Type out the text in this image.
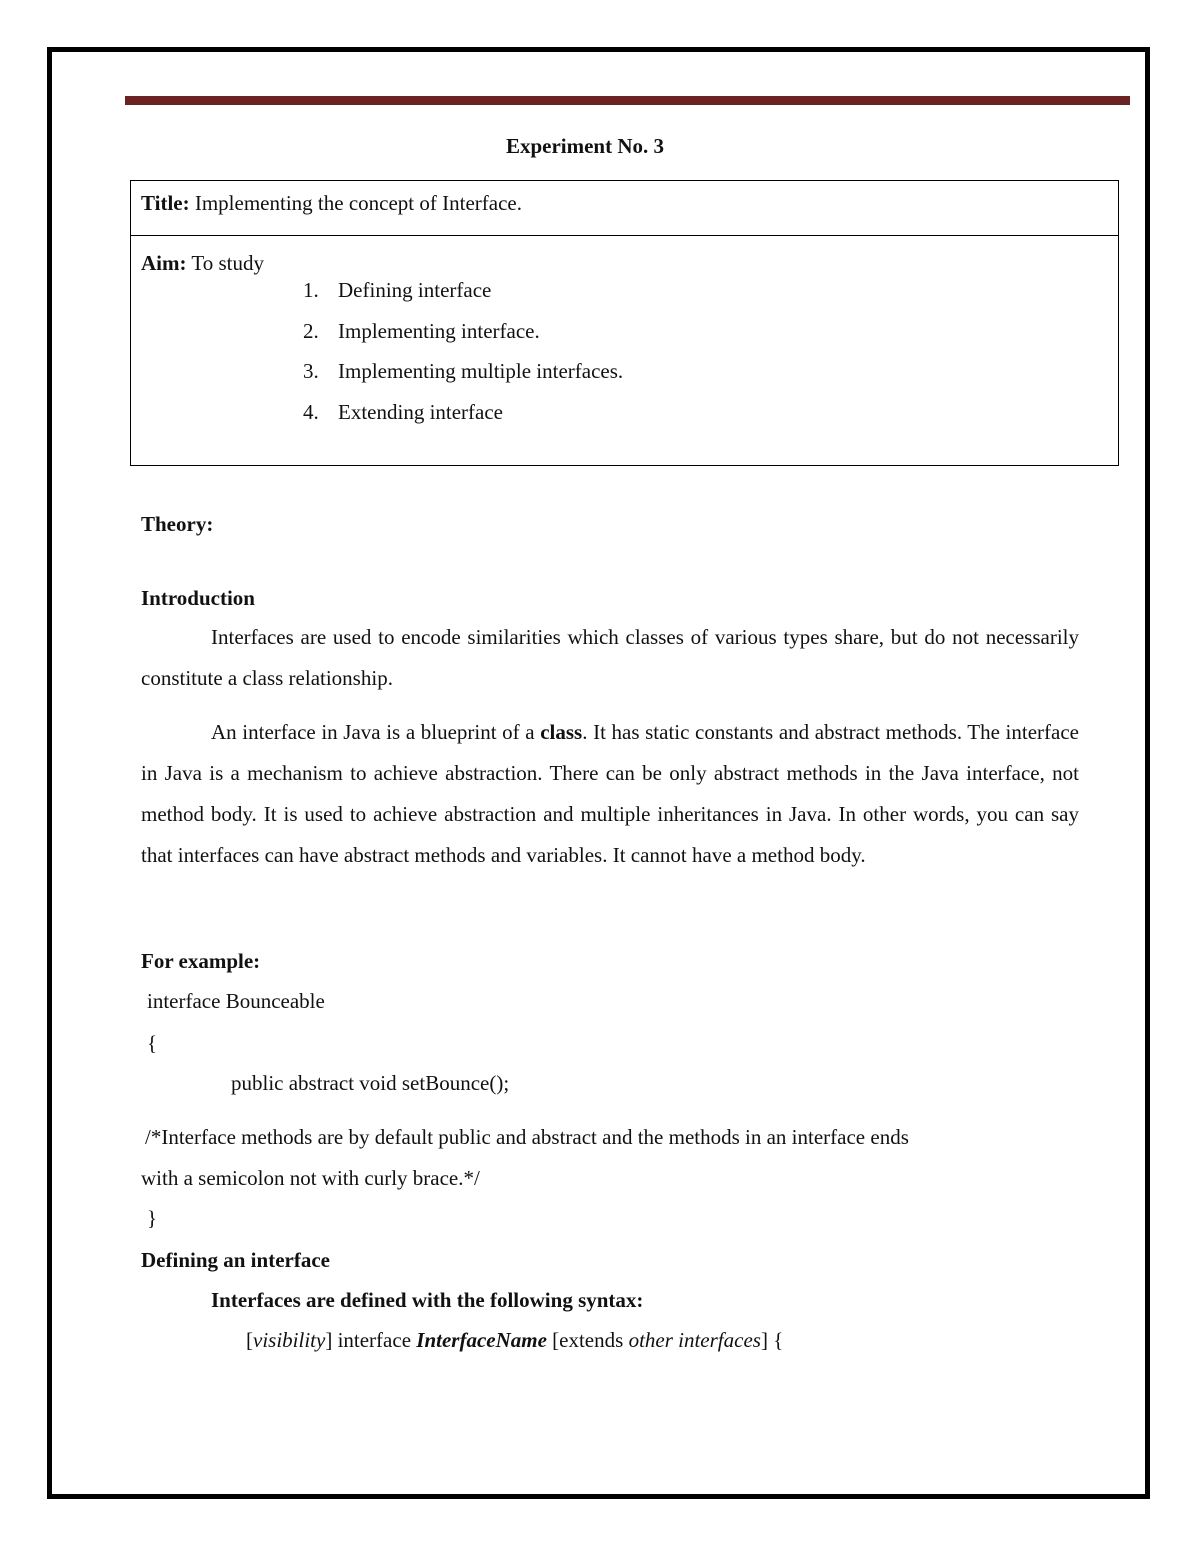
Experiment No. 3
Title: Implementing the concept of Interface.
Aim: To study
1. Defining interface
2. Implementing interface.
3. Implementing multiple interfaces.
4. Extending interface
Theory:
Introduction

Interfaces are used to encode similarities which classes of various types share, but do not necessarily constitute a class relationship.

An interface in Java is a blueprint of a class. It has static constants and abstract methods. The interface in Java is a mechanism to achieve abstraction. There can be only abstract methods in the Java interface, not method body. It is used to achieve abstraction and multiple inheritances in Java. In other words, you can say that interfaces can have abstract methods and variables. It cannot have a method body.

For example:
interface Bounceable
{
public abstract void setBounce();
/*Interface methods are by default public and abstract and the methods in an interface ends
with a semicolon not with curly brace.*/
}
Defining an interface
Interfaces are defined with the following syntax:
[visibility] interface InterfaceName [extends other interfaces] {
